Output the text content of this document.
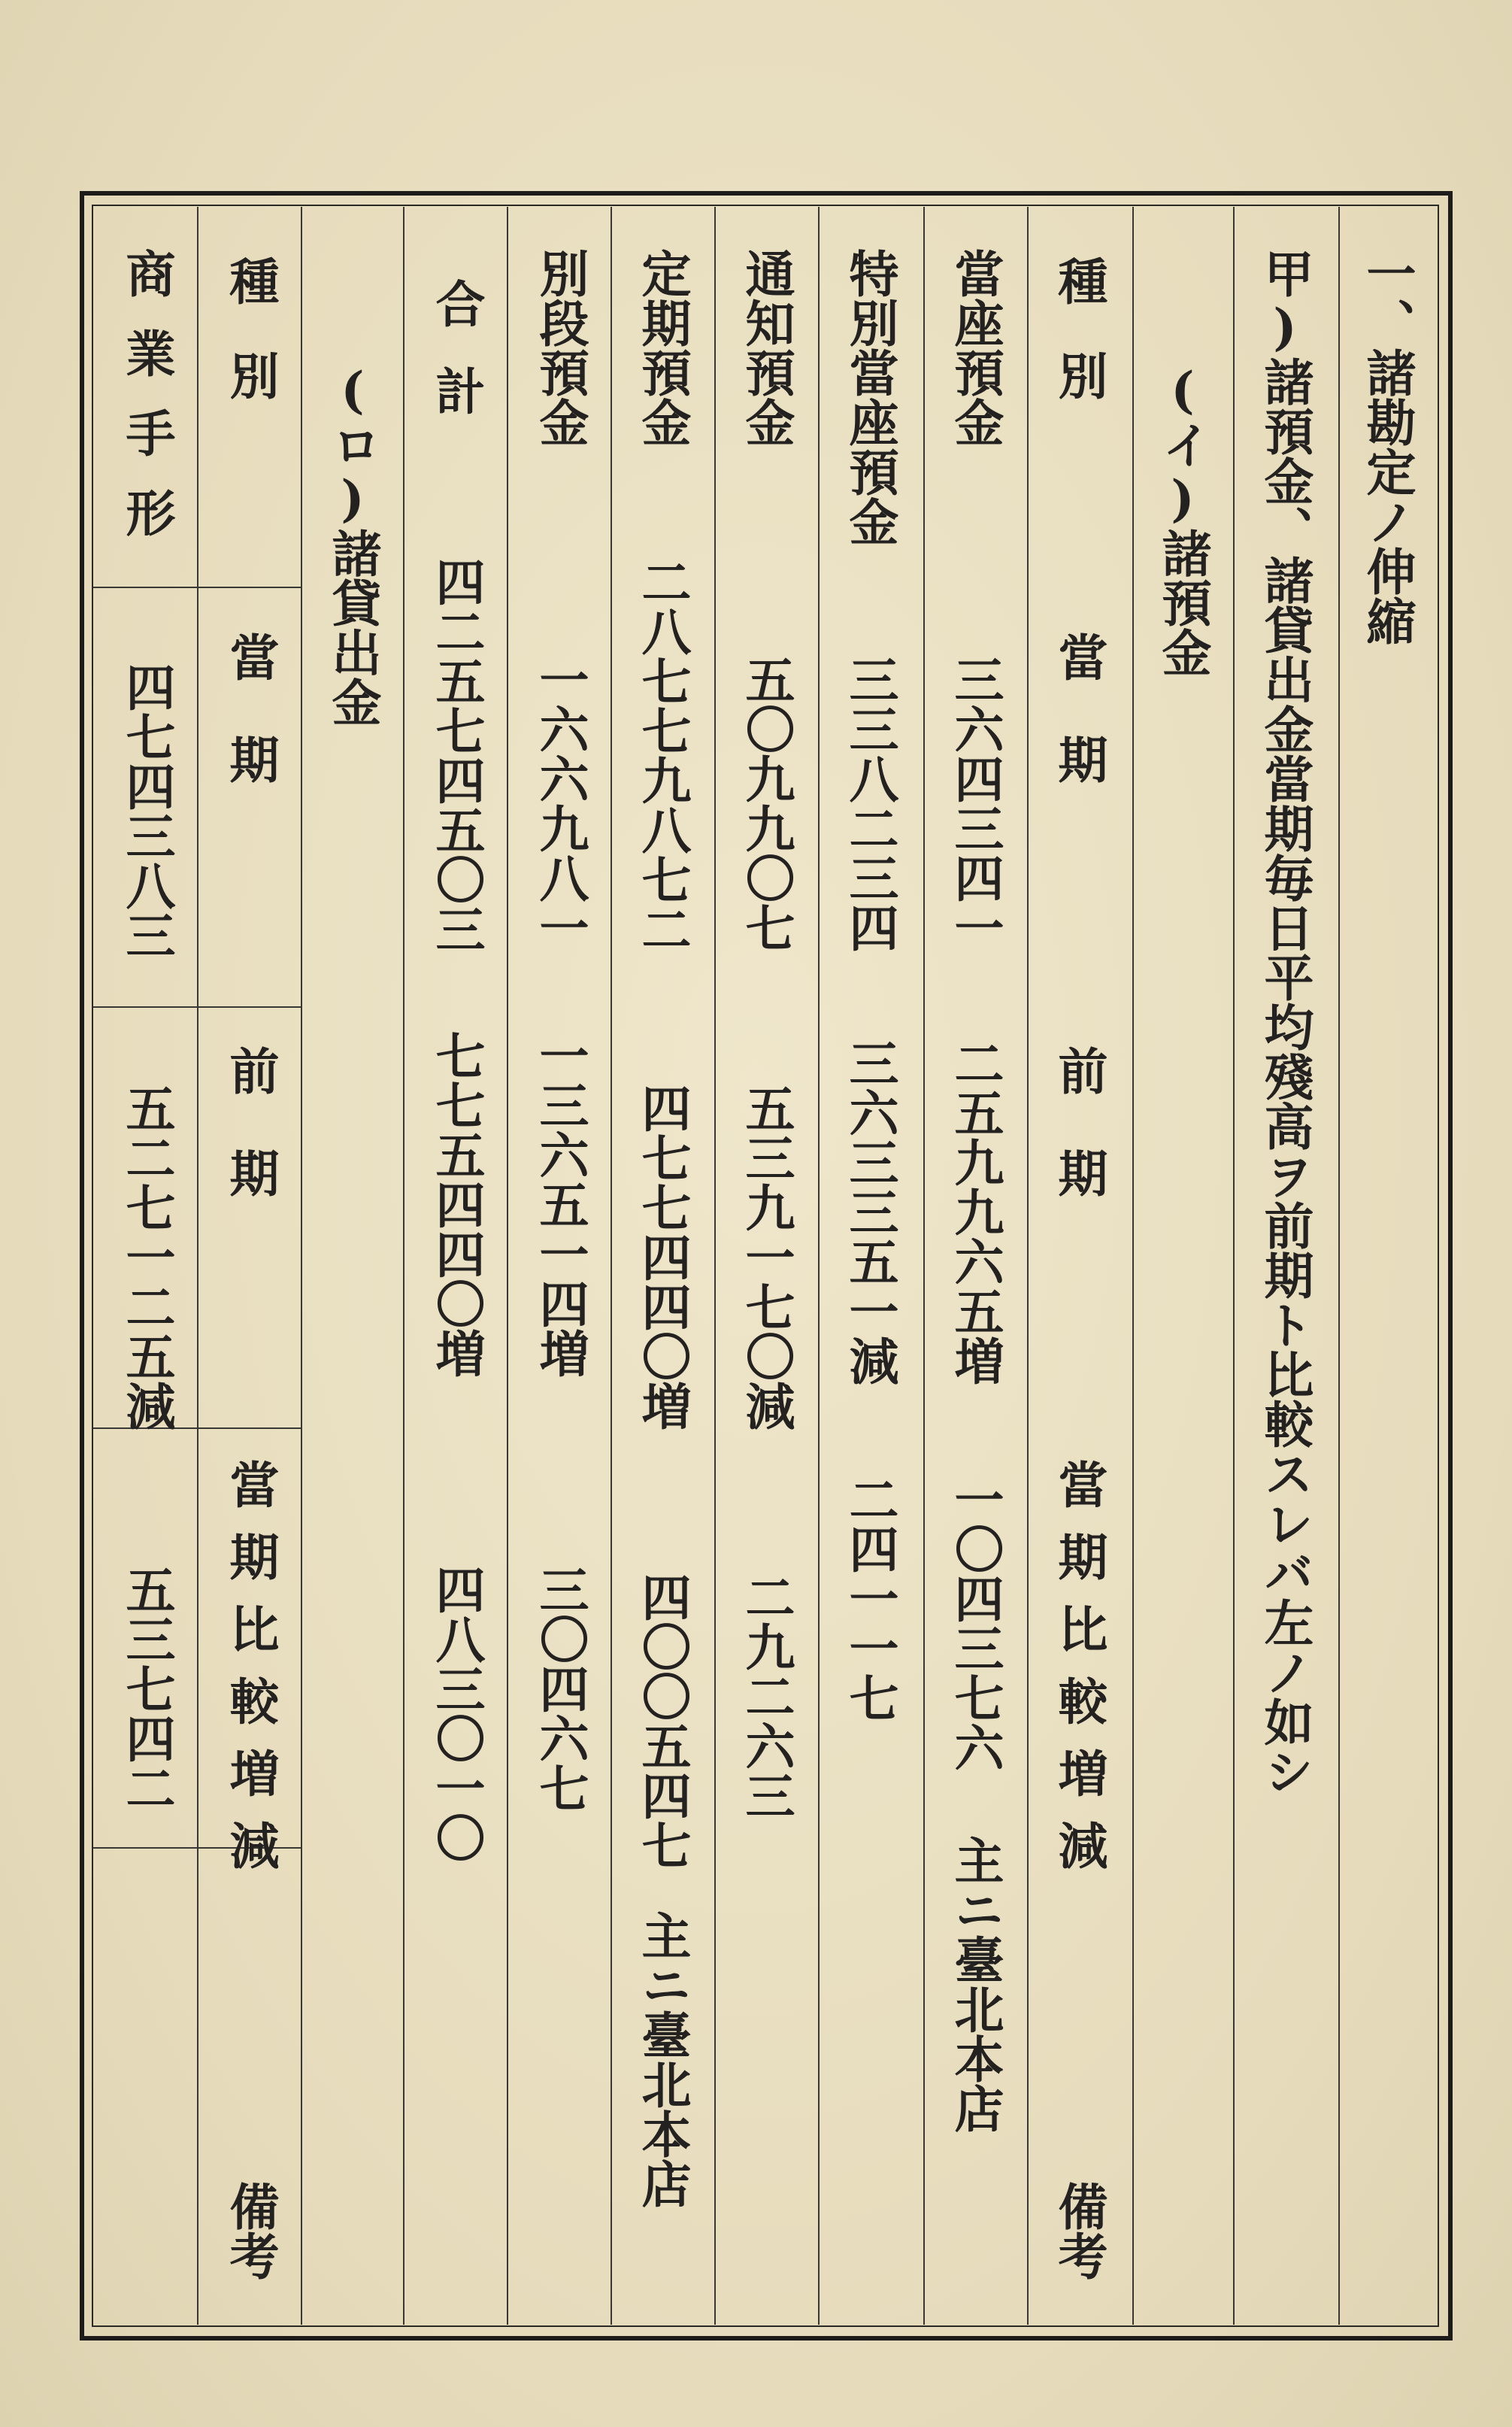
一、諸勘定ノ伸縮
甲)諸預金、諸貸出金當期毎日平均殘高ヲ前期ト比較スレバ左ノ如シ
(イ)諸預金
種別
當期
前期
當期比較増減
備考
當座預金
三六四三四一
二五九九六五増
一〇四三七六
主ニ臺北本店
特別當座預金
三三八二三四
三六三三五一減
二四一一七
通知預金
五〇九九〇七
五三九一七〇減
二九二六三
定期預金
二八七七九八七二
四七七四四〇増
四〇〇五四七
主ニ臺北本店
別段預金
一六六九八一
一三六五一四増
三〇四六七
合計
四二五七四五〇三
七七五四四〇増
四八三〇一〇
(ロ)諸貸出金
種別
當期
前期
當期比較増減
備考
商業手形
四七四三八三
五二七一二五減
五三七四二
